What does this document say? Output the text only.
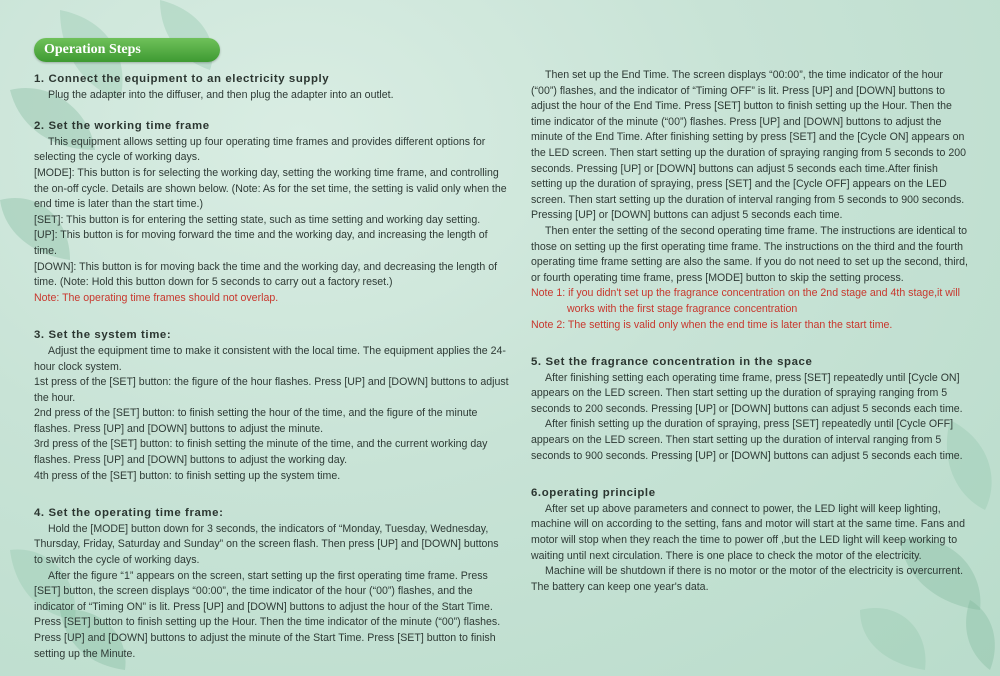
Operation Steps
1. Connect the equipment to an electricity supply

Plug the adapter into the diffuser, and then plug the adapter into an outlet.

2. Set the working time frame

This equipment allows setting up four operating time frames and provides different options for selecting the cycle of working days.

[MODE]: This button is for selecting the working day, setting the working time frame, and controlling the on-off cycle. Details are shown below. (Note: As for the set time, the setting is valid only when the end time is later than the start time.)

[SET]: This button is for entering the setting state, such as time setting and working day setting.

[UP]: This button is for moving forward the time and the working day, and increasing the length of time.

[DOWN]: This button is for moving back the time and the working day, and decreasing the length of time. (Note: Hold this button down for 5 seconds to carry out a factory reset.)

Note: The operating time frames should not overlap.

3. Set the system time:

Adjust the equipment time to make it consistent with the local time. The equipment applies the 24-hour clock system.

1st press of the [SET] button: the figure of the hour flashes. Press [UP] and [DOWN] buttons to adjust the hour.

2nd press of the [SET] button: to finish setting the hour of the time, and the figure of the minute flashes. Press [UP] and [DOWN] buttons to adjust the minute.

3rd press of the [SET] button: to finish setting the minute of the time, and the current working day flashes. Press [UP] and [DOWN] buttons to adjust the working day.

4th press of the [SET] button: to finish setting up the system time.

4. Set the operating time frame:

Hold the [MODE] button down for 3 seconds, the indicators of “Monday, Tuesday, Wednesday, Thursday, Friday, Saturday and Sunday” on the screen flash. Then press [UP] and [DOWN] buttons to switch the cycle of working days.

After the figure “1” appears on the screen, start setting up the first operating time frame. Press [SET] button, the screen displays “00:00”, the time indicator of the hour (“00”) flashes, and the indicator of “Timing ON” is lit. Press [UP] and [DOWN] buttons to adjust the hour of the Start Time. Press [SET] button to finish setting up the Hour. Then the time indicator of the minute (“00”) flashes. Press [UP] and [DOWN] buttons to adjust the minute of the Start Time. Press [SET] button to finish setting up the Minute.

Then set up the End Time. The screen displays “00:00”, the time indicator of the hour (“00”) flashes, and the indicator of “Timing OFF” is lit. Press [UP] and [DOWN] buttons to adjust the hour of the End Time. Press [SET] button to finish setting up the Hour. Then the time indicator of the minute (“00”) flashes. Press [UP] and [DOWN] buttons to adjust the minute of the End Time. After finishing setting by press [SET] and the [Cycle ON] appears on the LED screen. Then start setting up the duration of spraying ranging from 5 seconds to 200 seconds. Pressing [UP] or [DOWN] buttons can adjust 5 seconds each time.After finish setting up the duration of spraying, press [SET] and the [Cycle OFF] appears on the LED screen. Then start setting up the duration of interval ranging from 5 seconds to 900 seconds. Pressing [UP] or [DOWN] buttons can adjust 5 seconds each time.

Then enter the setting of the second operating time frame. The instructions are identical to those on setting up the first operating time frame. The instructions on the third and the fourth operating time frame setting are also the same. If you do not need to set up the second, third, or fourth operating time frame, press [MODE] button to skip the setting process.

Note 1: if you didn't set up the fragrance concentration on the 2nd stage and 4th stage,it will

works with the first stage fragrance concentration

Note 2: The setting is valid only when the end time is later than the start time.

5. Set the fragrance concentration in the space

After finishing setting each operating time frame, press [SET] repeatedly until [Cycle ON] appears on the LED screen. Then start setting up the duration of spraying ranging from 5 seconds to 200 seconds. Pressing [UP] or [DOWN] buttons can adjust 5 seconds each time.

After finish setting up the duration of spraying, press [SET] repeatedly until [Cycle OFF] appears on the LED screen. Then start setting up the duration of interval ranging from 5 seconds to 900 seconds. Pressing [UP] or [DOWN] buttons can adjust 5 seconds each time.

6.operating principle

After set up above parameters and connect to power, the LED light will keep lighting, machine will on according to the setting, fans and motor will start at the same time. Fans and motor will stop when they reach the time to power off ,but the LED light will keep working to waiting until next circulation. There is one place to check the motor of the electricity.

Machine will be shutdown if there is no motor or the motor of the electricity is overcurrent.

The battery can keep one year's data.
